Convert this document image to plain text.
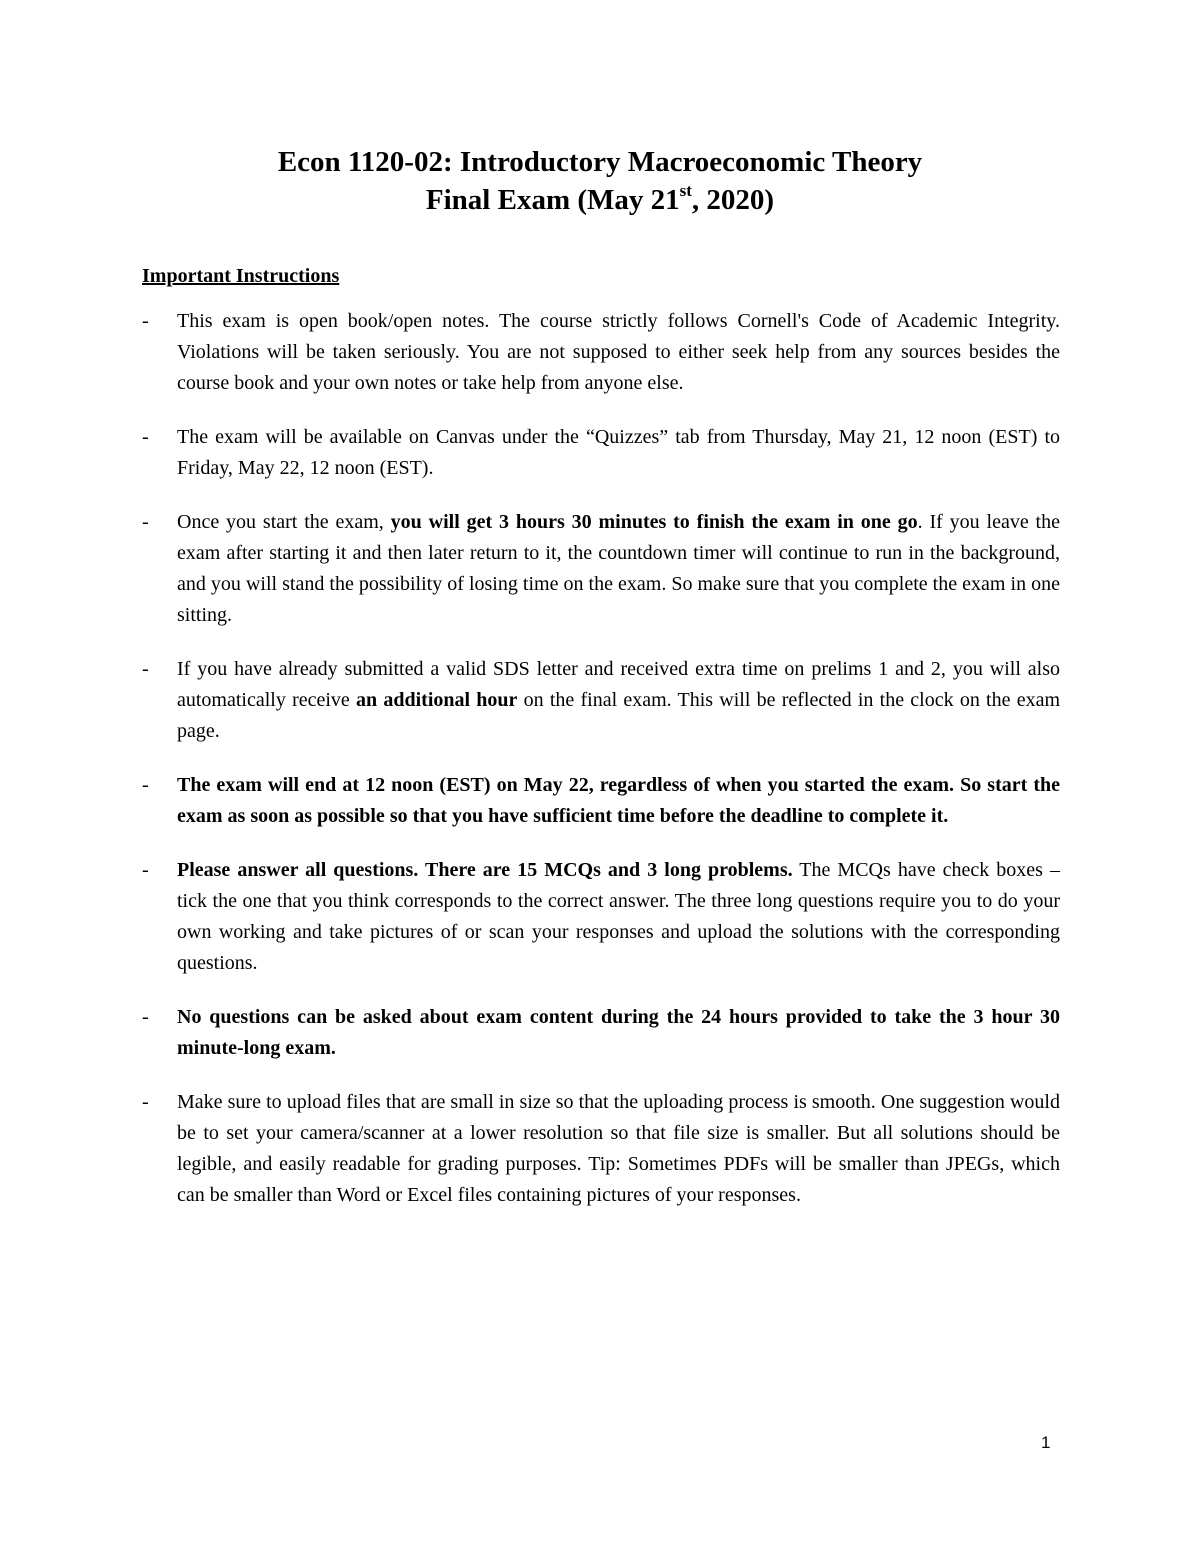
Econ 1120-02: Introductory Macroeconomic Theory
Final Exam (May 21st, 2020)
Important Instructions
- This exam is open book/open notes. The course strictly follows Cornell's Code of Academic Integrity. Violations will be taken seriously. You are not supposed to either seek help from any sources besides the course book and your own notes or take help from anyone else.
- The exam will be available on Canvas under the “Quizzes” tab from Thursday, May 21, 12 noon (EST) to Friday, May 22, 12 noon (EST).
- Once you start the exam, you will get 3 hours 30 minutes to finish the exam in one go. If you leave the exam after starting it and then later return to it, the countdown timer will continue to run in the background, and you will stand the possibility of losing time on the exam. So make sure that you complete the exam in one sitting.
- If you have already submitted a valid SDS letter and received extra time on prelims 1 and 2, you will also automatically receive an additional hour on the final exam. This will be reflected in the clock on the exam page.
- The exam will end at 12 noon (EST) on May 22, regardless of when you started the exam. So start the exam as soon as possible so that you have sufficient time before the deadline to complete it.
- Please answer all questions. There are 15 MCQs and 3 long problems. The MCQs have check boxes – tick the one that you think corresponds to the correct answer. The three long questions require you to do your own working and take pictures of or scan your responses and upload the solutions with the corresponding questions.
- No questions can be asked about exam content during the 24 hours provided to take the 3 hour 30 minute-long exam.
- Make sure to upload files that are small in size so that the uploading process is smooth. One suggestion would be to set your camera/scanner at a lower resolution so that file size is smaller. But all solutions should be legible, and easily readable for grading purposes. Tip: Sometimes PDFs will be smaller than JPEGs, which can be smaller than Word or Excel files containing pictures of your responses.
1
